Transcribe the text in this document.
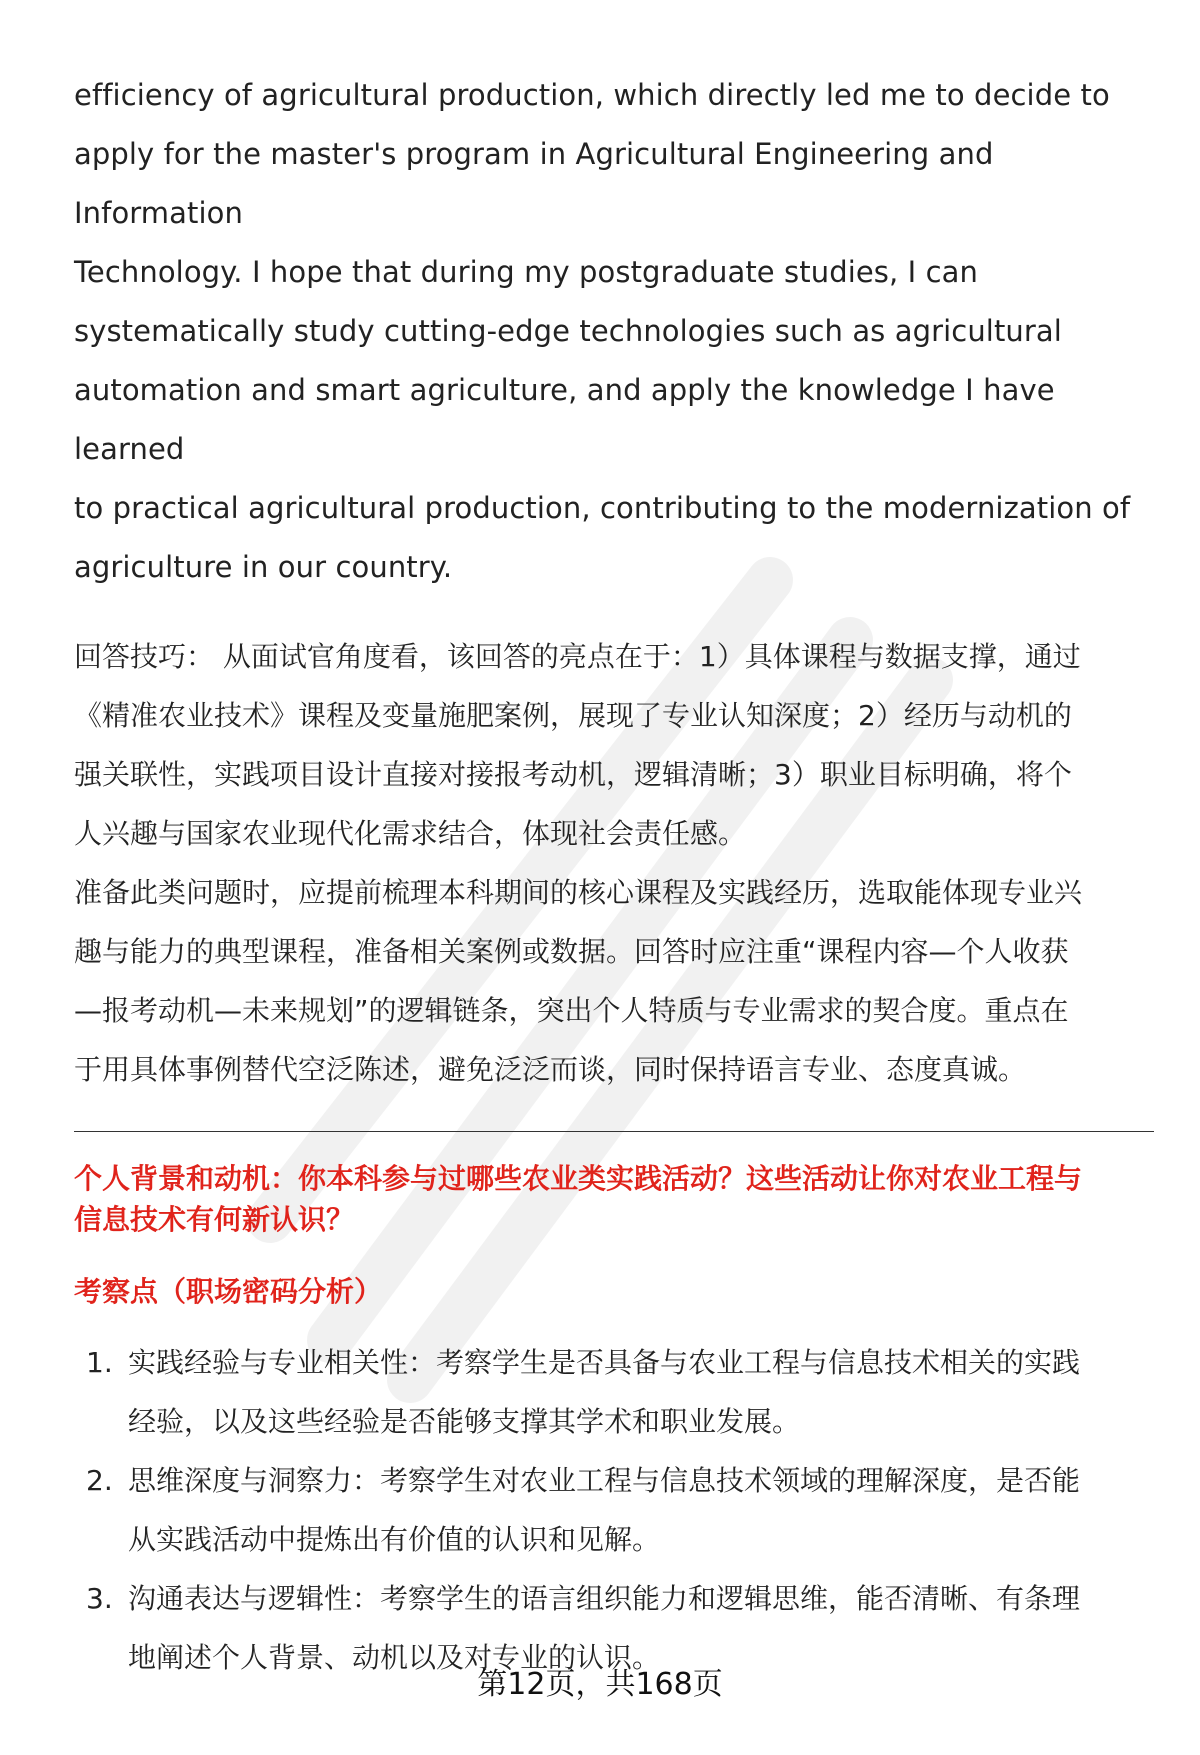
efficiency of agricultural production, which directly led me to decide to

apply for the master's program in Agricultural Engineering and Information

Technology. I hope that during my postgraduate studies, I can

systematically study cutting-edge technologies such as agricultural

automation and smart agriculture, and apply the knowledge I have learned

to practical agricultural production, contributing to the modernization of

agriculture in our country.

回答技巧： 从面试官角度看，该回答的亮点在于：1）具体课程与数据支撑，通过

《精准农业技术》课程及变量施肥案例，展现了专业认知深度；2）经历与动机的

强关联性，实践项目设计直接对接报考动机，逻辑清晰；3）职业目标明确，将个

人兴趣与国家农业现代化需求结合，体现社会责任感。

准备此类问题时，应提前梳理本科期间的核心课程及实践经历，选取能体现专业兴

趣与能力的典型课程，准备相关案例或数据。回答时应注重“课程内容—个人收获

—报考动机—未来规划”的逻辑链条，突出个人特质与专业需求的契合度。重点在

于用具体事例替代空泛陈述，避免泛泛而谈，同时保持语言专业、态度真诚。

个人背景和动机：你本科参与过哪些农业类实践活动？这些活动让你对农业工程与

信息技术有何新认识？

考察点（职场密码分析）
1. 实践经验与专业相关性：考察学生是否具备与农业工程与信息技术相关的实践
经验，以及这些经验是否能够支撑其学术和职业发展。
2. 思维深度与洞察力：考察学生对农业工程与信息技术领域的理解深度，是否能
从实践活动中提炼出有价值的认识和见解。
3. 沟通表达与逻辑性：考察学生的语言组织能力和逻辑思维，能否清晰、有条理
地阐述个人背景、动机以及对专业的认识。
第12页，共168页
